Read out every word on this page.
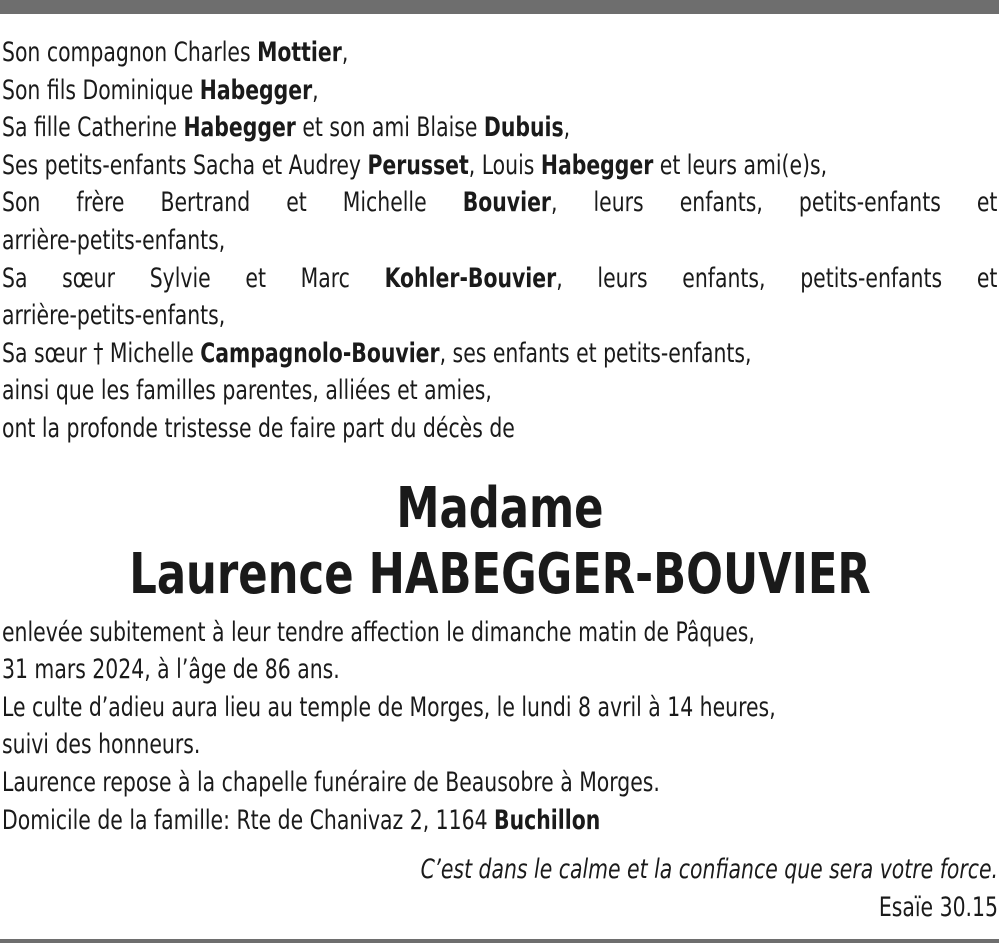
Son compagnon Charles Mottier,
Son fils Dominique Habegger,
Sa fille Catherine Habegger et son ami Blaise Dubuis,
Ses petits-enfants Sacha et Audrey Perusset, Louis Habegger et leurs ami(e)s,
Son frère Bertrand et Michelle Bouvier, leurs enfants, petits-enfants et
arrière-petits-enfants,
Sa sœur Sylvie et Marc Kohler-Bouvier, leurs enfants, petits-enfants et
arrière-petits-enfants,
Sa sœur † Michelle Campagnolo-Bouvier, ses enfants et petits-enfants,
ainsi que les familles parentes, alliées et amies,
ont la profonde tristesse de faire part du décès de
Madame
Laurence HABEGGER-BOUVIER
enlevée subitement à leur tendre affection le dimanche matin de Pâques,
31 mars 2024, à l’âge de 86 ans.
Le culte d’adieu aura lieu au temple de Morges, le lundi 8 avril à 14 heures,
suivi des honneurs.
Laurence repose à la chapelle funéraire de Beausobre à Morges.
Domicile de la famille: Rte de Chanivaz 2, 1164 Buchillon
C’est dans le calme et la confiance que sera votre force.
Esaïe 30.15
